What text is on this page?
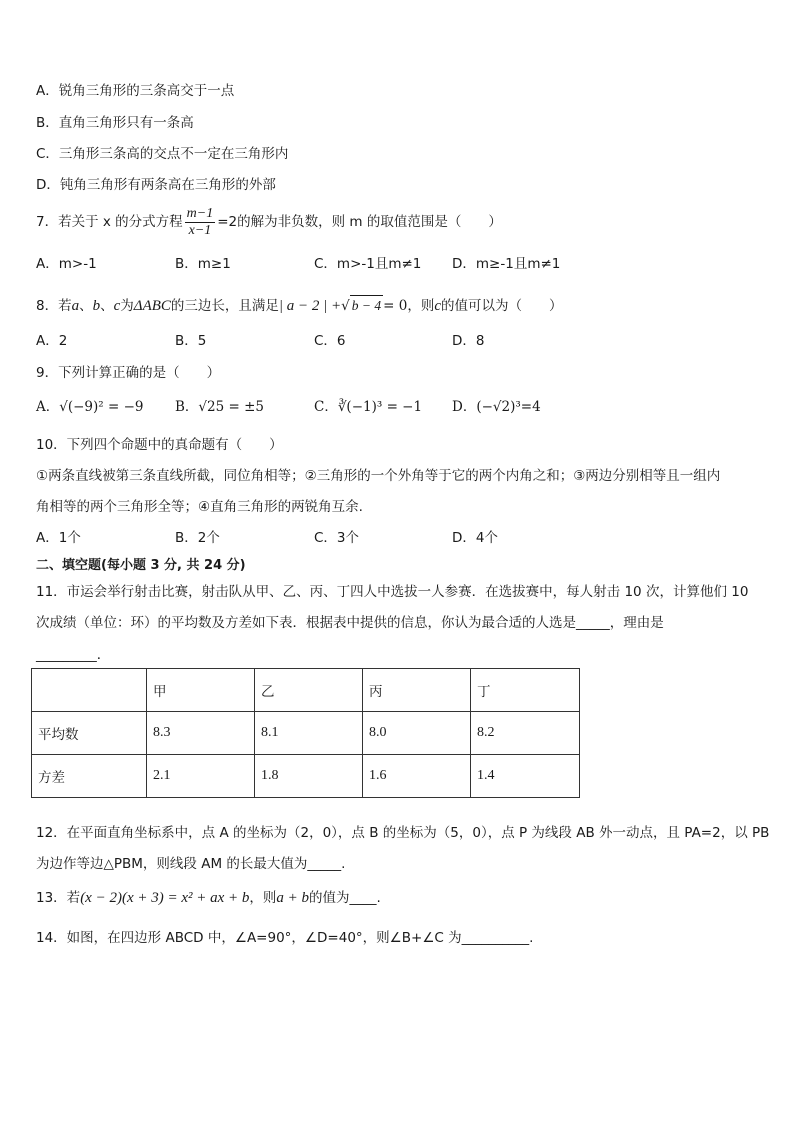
A．锐角三角形的三条高交于一点
B．直角三角形只有一条高
C．三角形三条高的交点不一定在三角形内
D．钝角三角形有两条高在三角形的外部
7．若关于 x 的分式方程 $\frac{m-1}{x-1} =2$的解为非负数，则 m 的取值范围是（　　）
A．m>-1	B．m≥1	C．m>-1且m≠1 D．m≥-1且m≠1
8．若a、b、c为ΔABC的三边长，且满足| a − 2 | +√ b − 4 = 0，则c的值可以为（　　）
A．2	B．5	C．6	D．8
9．下列计算正确的是（　　）
A．√(−9)² = −9 B．√25 = ±5	C．∛(−1)³ = −1 D．(−√2)³=4
10．下列四个命题中的真命题有（　　）
①两条直线被第三条直线所截，同位角相等；②三角形的一个外角等于它的两个内角之和；③两边分别相等且一组内
角相等的两个三角形全等；④直角三角形的两锐角互余.
A．1个	B．2个	C．3个	D．4个
二、填空题(每小题 3 分, 共 24 分)
11．市运会举行射击比赛，射击队从甲、乙、丙、丁四人中选拔一人参赛．在选拔赛中，每人射击 10 次，计算他们 10
次成绩（单位：环）的平均数及方差如下表．根据表中提供的信息，你认为最合适的人选是_____，理由是
_________．
	甲	乙	丙	丁
平均数	8.3	8.1	8.0	8.2
方差	2.1	1.8	1.6	1.4
12．在平面直角坐标系中，点 A 的坐标为（2，0），点 B 的坐标为（5，0），点 P 为线段 AB 外一动点，且 PA=2，以 PB
为边作等边△PBM，则线段 AM 的长最大值为_____.
13．若(x − 2)(x + 3) = x² + ax + b，则a + b的值为____.
14．如图，在四边形 ABCD 中，∠A=90°，∠D=40°，则∠B+∠C 为__________.
